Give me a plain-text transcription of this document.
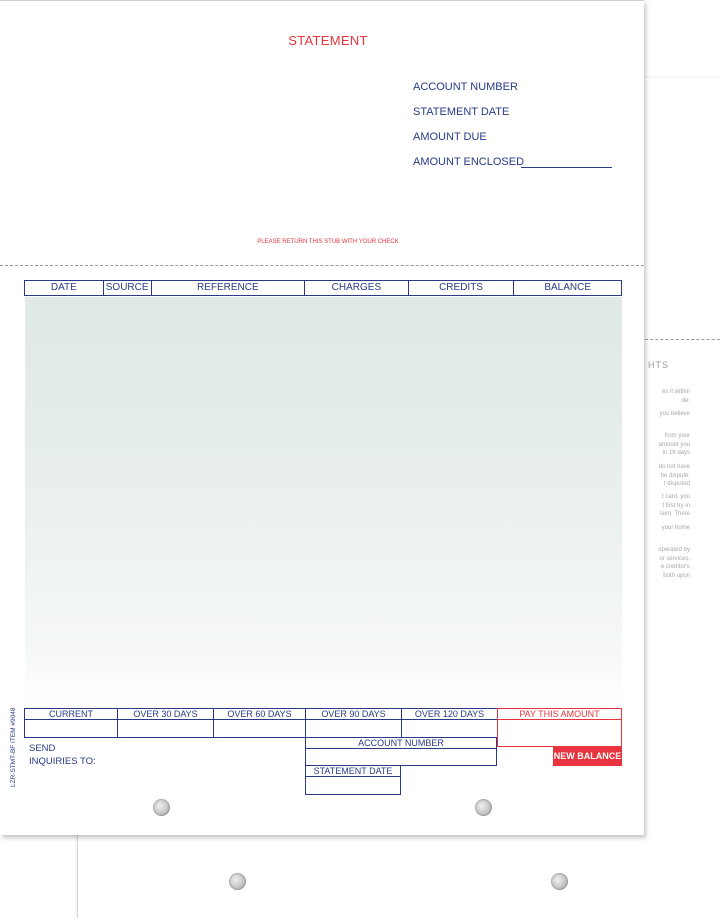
HTS
es it within
de:
you believe
from your
amount you
in 16 days
do not have
he dispute,
t disputed
t card, you
t first try in
laim. There
your home
operated by
or services,
e creditor's
both upon
STATEMENT
ACCOUNT NUMBER
STATEMENT DATE
AMOUNT DUE
AMOUNT ENCLOSED
PLEASE RETURN THIS STUB WITH YOUR CHECK
DATE	SOURCE	REFERENCE	CHARGES	CREDITS	BALANCE
CURRENT	OVER 30 DAYS	OVER 60 DAYS	OVER 90 DAYS	OVER 120 DAYS	PAY THIS AMOUNT
NEW BALANCE
ACCOUNT NUMBER
STATEMENT DATE
SEND
INQUIRIES TO:
LZR-STMT-BF ITEM #9048
